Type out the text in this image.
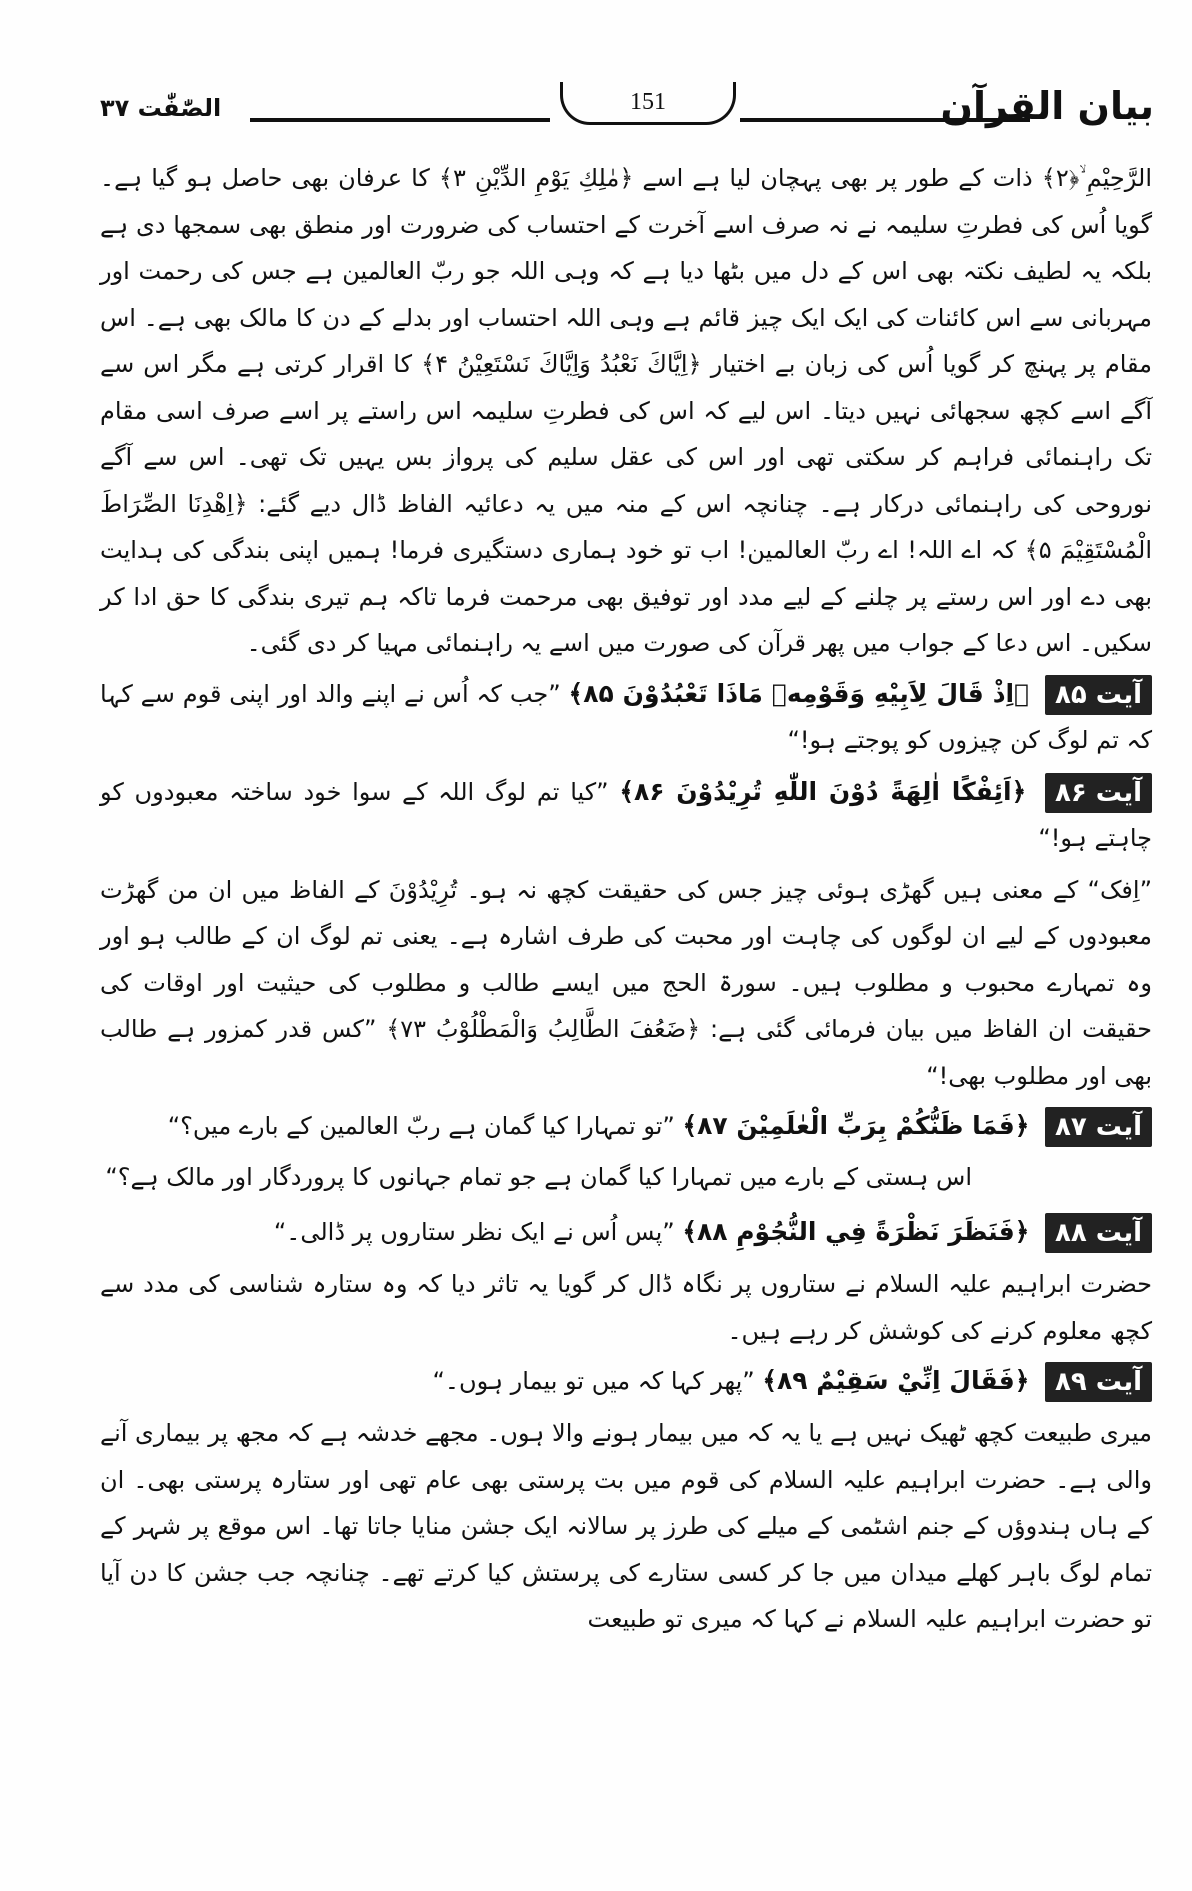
بیان القرآن
151
الصّٰفّٰت ۳۷

الرَّحِيْمِ ۙ﴿۲﴾ ذات کے طور پر بھی پہچان لیا ہے اسے ﴿مٰلِكِ يَوْمِ الدِّيْنِ ۳﴾ کا عرفان بھی حاصل ہو گیا ہے۔ گویا اُس کی فطرتِ سلیمہ نے نہ صرف اسے آخرت کے احتساب کی ضرورت اور منطق بھی سمجھا دی ہے بلکہ یہ لطیف نکتہ بھی اس کے دل میں بٹھا دیا ہے کہ وہی اللہ جو ربّ العالمین ہے جس کی رحمت اور مہربانی سے اس کائنات کی ایک ایک چیز قائم ہے وہی اللہ احتساب اور بدلے کے دن کا مالک بھی ہے۔ اس مقام پر پہنچ کر گویا اُس کی زبان بے اختیار ﴿اِيَّاكَ نَعْبُدُ وَاِيَّاكَ نَسْتَعِيْنُ ۴﴾ کا اقرار کرتی ہے مگر اس سے آگے اسے کچھ سجھائی نہیں دیتا۔ اس لیے کہ اس کی فطرتِ سلیمہ اس راستے پر اسے صرف اسی مقام تک راہنمائی فراہم کر سکتی تھی اور اس کی عقل سلیم کی پرواز بس یہیں تک تھی۔ اس سے آگے نوروحی کی راہنمائی درکار ہے۔ چنانچہ اس کے منہ میں یہ دعائیہ الفاظ ڈال دیے گئے: ﴿اِهْدِنَا الصِّرَاطَ الْمُسْتَقِيْمَ ۵﴾ کہ اے اللہ! اے ربّ العالمین! اب تو خود ہماری دستگیری فرما! ہمیں اپنی بندگی کی ہدایت بھی دے اور اس رستے پر چلنے کے لیے مدد اور توفیق بھی مرحمت فرما تاکہ ہم تیری بندگی کا حق ادا کر سکیں۔ اس دعا کے جواب میں پھر قرآن کی صورت میں اسے یہ راہنمائی مہیا کر دی گئی۔

آیت ۸۵ ﴿اِذْ قَالَ لِاَبِيْهِ وَقَوْمِهٖ مَاذَا تَعْبُدُوْنَ ۸۵﴾ ”جب کہ اُس نے اپنے والد اور اپنی قوم سے کہا کہ تم لوگ کن چیزوں کو پوجتے ہو!“
آیت ۸۶ ﴿اَئِفْكًا اٰلِهَةً دُوْنَ اللّٰهِ تُرِيْدُوْنَ ۸۶﴾ ”کیا تم لوگ اللہ کے سوا خود ساختہ معبودوں کو چاہتے ہو!“

”اِفک“ کے معنی ہیں گھڑی ہوئی چیز جس کی حقیقت کچھ نہ ہو۔ تُرِيْدُوْنَ کے الفاظ میں ان من گھڑت معبودوں کے لیے ان لوگوں کی چاہت اور محبت کی طرف اشارہ ہے۔ یعنی تم لوگ ان کے طالب ہو اور وہ تمہارے محبوب و مطلوب ہیں۔ سورۃ الحج میں ایسے طالب و مطلوب کی حیثیت اور اوقات کی حقیقت ان الفاظ میں بیان فرمائی گئی ہے: ﴿ضَعُفَ الطَّالِبُ وَالْمَطْلُوْبُ ۷۳﴾ ”کس قدر کمزور ہے طالب بھی اور مطلوب بھی!“

آیت ۸۷ ﴿فَمَا ظَنُّكُمْ بِرَبِّ الْعٰلَمِيْنَ ۸۷﴾ ”تو تمہارا کیا گمان ہے ربّ العالمین کے بارے میں؟“

اس ہستی کے بارے میں تمہارا کیا گمان ہے جو تمام جہانوں کا پروردگار اور مالک ہے؟“

آیت ۸۸ ﴿فَنَظَرَ نَظْرَةً فِي النُّجُوْمِ ۸۸﴾ ”پس اُس نے ایک نظر ستاروں پر ڈالی۔“

حضرت ابراہیم علیہ السلام نے ستاروں پر نگاہ ڈال کر گویا یہ تاثر دیا کہ وہ ستارہ شناسی کی مدد سے کچھ معلوم کرنے کی کوشش کر رہے ہیں۔

آیت ۸۹ ﴿فَقَالَ اِنِّيْ سَقِيْمٌ ۸۹﴾ ”پھر کہا کہ میں تو بیمار ہوں۔“

میری طبیعت کچھ ٹھیک نہیں ہے یا یہ کہ میں بیمار ہونے والا ہوں۔ مجھے خدشہ ہے کہ مجھ پر بیماری آنے والی ہے۔ حضرت ابراہیم علیہ السلام کی قوم میں بت پرستی بھی عام تھی اور ستارہ پرستی بھی۔ ان کے ہاں ہندوؤں کے جنم اشٹمی کے میلے کی طرز پر سالانہ ایک جشن منایا جاتا تھا۔ اس موقع پر شہر کے تمام لوگ باہر کھلے میدان میں جا کر کسی ستارے کی پرستش کیا کرتے تھے۔ چنانچہ جب جشن کا دن آیا تو حضرت ابراہیم علیہ السلام نے کہا کہ میری تو طبیعت
